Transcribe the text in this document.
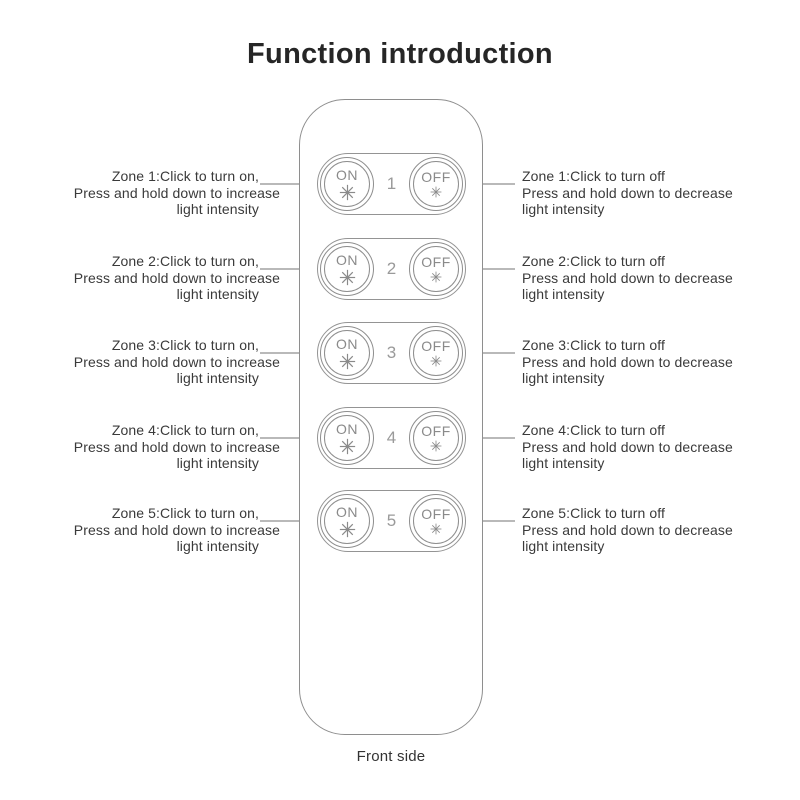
Function introduction
Zone 1:Click to turn on,
Press and hold down to increase
light intensity
Zone 2:Click to turn on,
Press and hold down to increase
light intensity
Zone 3:Click to turn on,
Press and hold down to increase
light intensity
Zone 4:Click to turn on,
Press and hold down to increase
light intensity
Zone 5:Click to turn on,
Press and hold down to increase
light intensity
Zone 1:Click to turn off
Press and hold down to decrease
light intensity
Zone 2:Click to turn off
Press and hold down to decrease
light intensity
Zone 3:Click to turn off
Press and hold down to decrease
light intensity
Zone 4:Click to turn off
Press and hold down to decrease
light intensity
Zone 5:Click to turn off
Press and hold down to decrease
light intensity
ON	1	OFF
ON	2	OFF
ON	3	OFF
ON	4	OFF
ON	5	OFF
Front side
